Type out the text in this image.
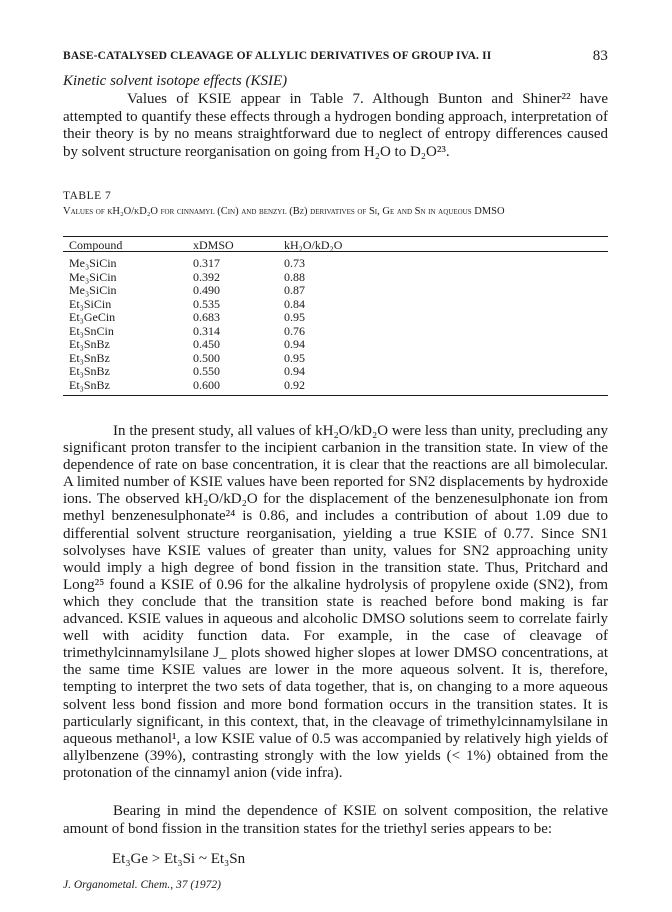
BASE-CATALYSED CLEAVAGE OF ALLYLIC DERIVATIVES OF GROUP IVA. II	83
Kinetic solvent isotope effects (KSIE)
Values of KSIE appear in Table 7. Although Bunton and Shiner²² have attempted to quantify these effects through a hydrogen bonding approach, interpretation of their theory is by no means straightforward due to neglect of entropy differences caused by solvent structure reorganisation on going from H₂O to D₂O²³.
TABLE 7
Values of kH₂O/kD₂O for cinnamyl (Cin) and benzyl (Bz) derivatives of Si, Ge and Sn in aqueous DMSO
Compound	xDMSO	kH₂O/kD₂O
Me₃SiCin	0.317	0.73
Me₃SiCin	0.392	0.88
Me₃SiCin	0.490	0.87
Et₃SiCin	0.535	0.84
Et₃GeCin	0.683	0.95
Et₃SnCin	0.314	0.76
Et₃SnBz	0.450	0.94
Et₃SnBz	0.500	0.95
Et₃SnBz	0.550	0.94
Et₃SnBz	0.600	0.92
In the present study, all values of kH₂O/kD₂O were less than unity, precluding any significant proton transfer to the incipient carbanion in the transition state. In view of the dependence of rate on base concentration, it is clear that the reactions are all bimolecular. A limited number of KSIE values have been reported for SN2 displacements by hydroxide ions. The observed kH₂O/kD₂O for the displacement of the benzenesulphonate ion from methyl benzenesulphonate²⁴ is 0.86, and includes a contribution of about 1.09 due to differential solvent structure reorganisation, yielding a true KSIE of 0.77. Since SN1 solvolyses have KSIE values of greater than unity, values for SN2 approaching unity would imply a high degree of bond fission in the transition state. Thus, Pritchard and Long²⁵ found a KSIE of 0.96 for the alkaline hydrolysis of propylene oxide (SN2), from which they conclude that the transition state is reached before bond making is far advanced. KSIE values in aqueous and alcoholic DMSO solutions seem to correlate fairly well with acidity function data. For example, in the case of cleavage of trimethylcinnamylsilane J_ plots showed higher slopes at lower DMSO concentrations, at the same time KSIE values are lower in the more aqueous solvent. It is, therefore, tempting to interpret the two sets of data together, that is, on changing to a more aqueous solvent less bond fission and more bond formation occurs in the transition states. It is particularly significant, in this context, that, in the cleavage of trimethylcinnamylsilane in aqueous methanol¹, a low KSIE value of 0.5 was accompanied by relatively high yields of allylbenzene (39%), contrasting strongly with the low yields (< 1%) obtained from the protonation of the cinnamyl anion (vide infra).
Bearing in mind the dependence of KSIE on solvent composition, the relative amount of bond fission in the transition states for the triethyl series appears to be:
Et₃Ge > Et₃Si ~ Et₃Sn
J. Organometal. Chem., 37 (1972)
